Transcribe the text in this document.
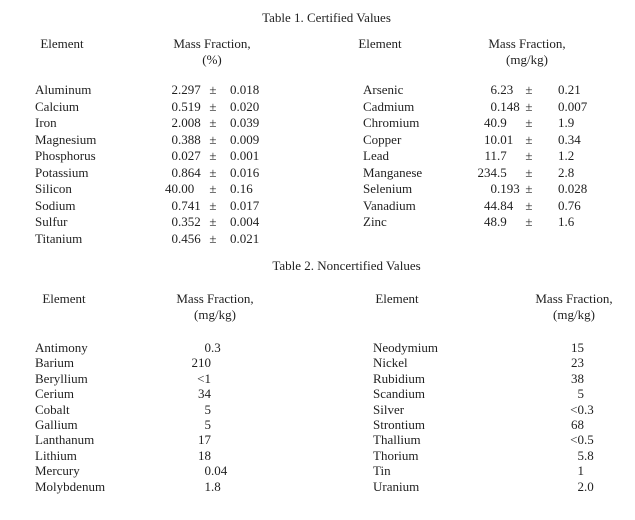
Table 1. Certified Values
Element	Mass Fraction,
(%)
Element	Mass Fraction,
(mg/kg)
Aluminum	2 .297 ±	0.018
Calcium	0 .519 ±	0.020
Iron	2 .008 ±	0.039
Magnesium	0 .388 ±	0.009
Phosphorus	0 .027 ±	0.001
Potassium	0 .864 ±	0.016
Silicon	40 .00	±	0.16
Sodium	0 .741 ±	0.017
Sulfur	0 .352 ±	0.004
Titanium	0 .456 ±	0.021
Arsenic	6 .23 ±	0.21
Cadmium	0 .148 ±	0.007
Chromium	40 .9	±	1.9
Copper	10 .01 ±	0.34
Lead	11 .7	±	1.2
Manganese	234 .5	±	2.8
Selenium	0 .193 ±	0.028
Vanadium	44 .84 ±	0.76
Zinc	48 .9	±	1.6
Table 2. Noncertified Values
Element	Mass Fraction,
(mg/kg)
Element	Mass Fraction,
(mg/kg)
Antimony	0 .3
Barium	210
Beryllium	<1
Cerium	34
Cobalt	5
Gallium	5
Lanthanum	17
Lithium	18
Mercury	0 .04
Molybdenum	1 .8
Neodymium	15
Nickel	23
Rubidium	38
Scandium	5
Silver	<0 .3
Strontium	68
Thallium	<0 .5
Thorium	5 .8
Tin	1
Uranium	2 .0
